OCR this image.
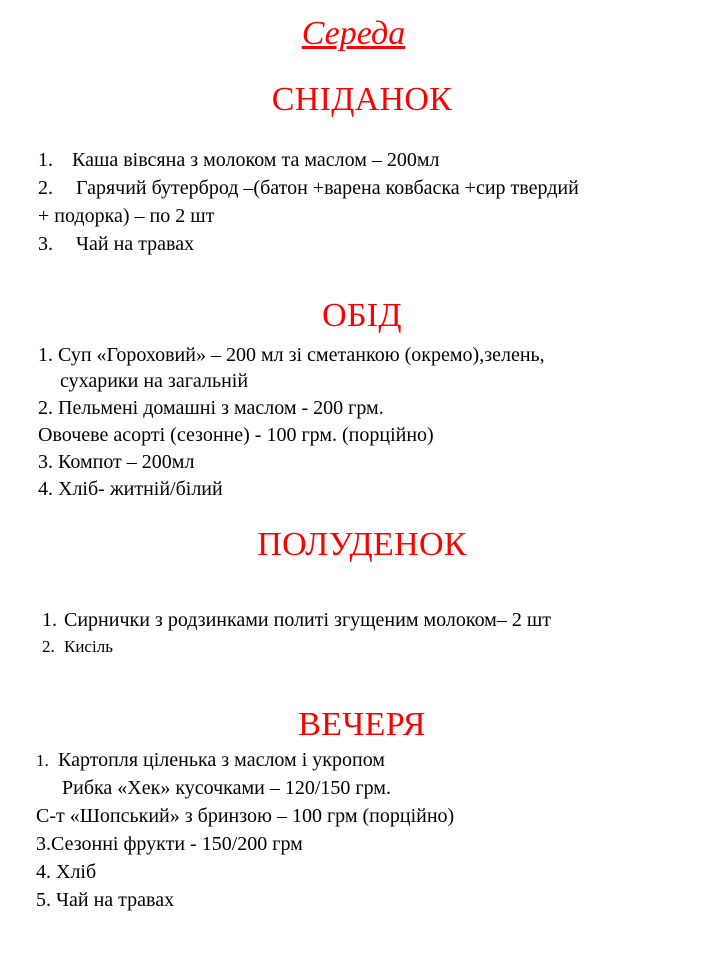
Середа
СНІДАНОК
1. Каша вівсяна з молоком та маслом – 200мл
2. Гарячий бутерброд –(батон +варена ковбаска +сир твердий
+ подорка) – по 2 шт
3. Чай на травах
ОБІД
1. Суп «Гороховий» – 200 мл зі сметанкою (окремо),зелень,
сухарики на загальній
2. Пельмені домашні з маслом - 200 грм.
Овочеве асорті (сезонне) - 100 грм. (порційно)
3. Компот – 200мл
4. Хліб- житній/білий
ПОЛУДЕНОК
1. Сирнички з родзинками политі згущеним молоком– 2 шт
2. Кисіль
ВЕЧЕРЯ
1. Картопля ціленька з маслом і укропом
Рибка «Хек» кусочками – 120/150 грм.
С-т «Шопський» з бринзою – 100 грм (порційно)
3.Сезонні фрукти - 150/200 грм
4. Хліб
5. Чай на травах
